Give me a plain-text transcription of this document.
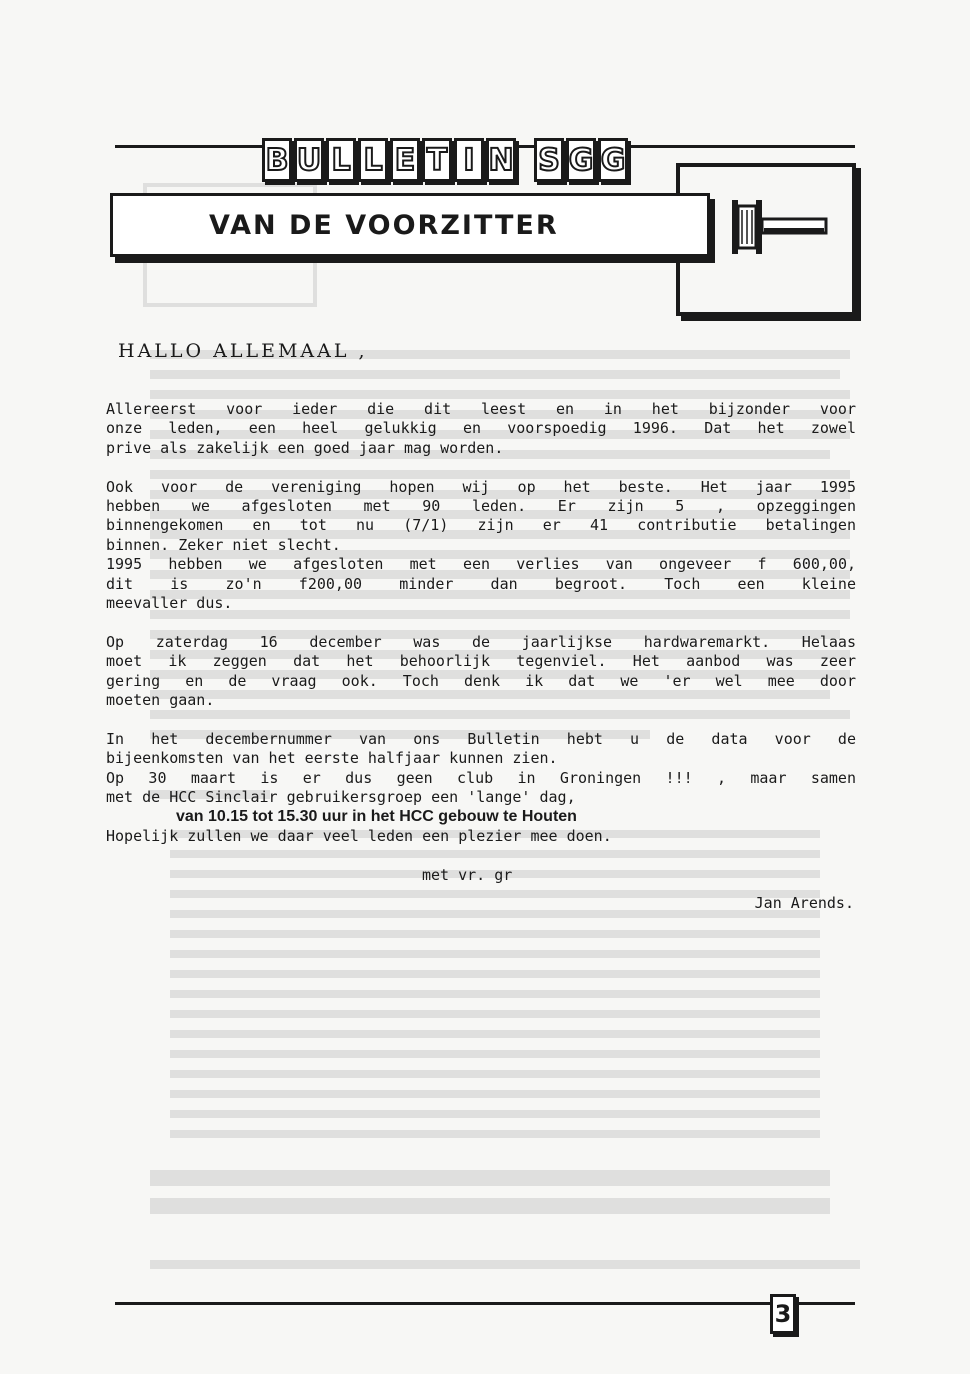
B U L L E T I N S G G
VAN DE VOORZITTER
HALLO ALLEMAAL ,
Allereerst voor ieder die dit leest en in het bijzonder voor
onze leden, een heel gelukkig en voorspoedig 1996. Dat het zowel
prive als zakelijk een goed jaar mag worden.
Ook voor de vereniging hopen wij op het beste. Het jaar 1995
hebben we afgesloten met 90 leden. Er zijn 5 , opzeggingen
binnengekomen en tot nu (7/1) zijn er 41 contributie betalingen
binnen. Zeker niet slecht.
1995 hebben we afgesloten met een verlies van ongeveer f 600,00,
dit is zo'n f200,00 minder dan begroot. Toch een kleine
meevaller dus.
Op zaterdag 16 december was de jaarlijkse hardwaremarkt. Helaas
moet ik zeggen dat het behoorlijk tegenviel. Het aanbod was zeer
gering en de vraag ook. Toch denk ik dat we 'er wel mee door
moeten gaan.
In het decembernummer van ons Bulletin hebt u de data voor de
bijeenkomsten van het eerste halfjaar kunnen zien.
Op 30 maart is er dus geen club in Groningen !!! , maar samen
met de HCC Sinclair gebruikersgroep een 'lange' dag,
van 10.15 tot 15.30 uur in het HCC gebouw te Houten
Hopelijk zullen we daar veel leden een plezier mee doen.
met vr. gr
Jan Arends.
3
